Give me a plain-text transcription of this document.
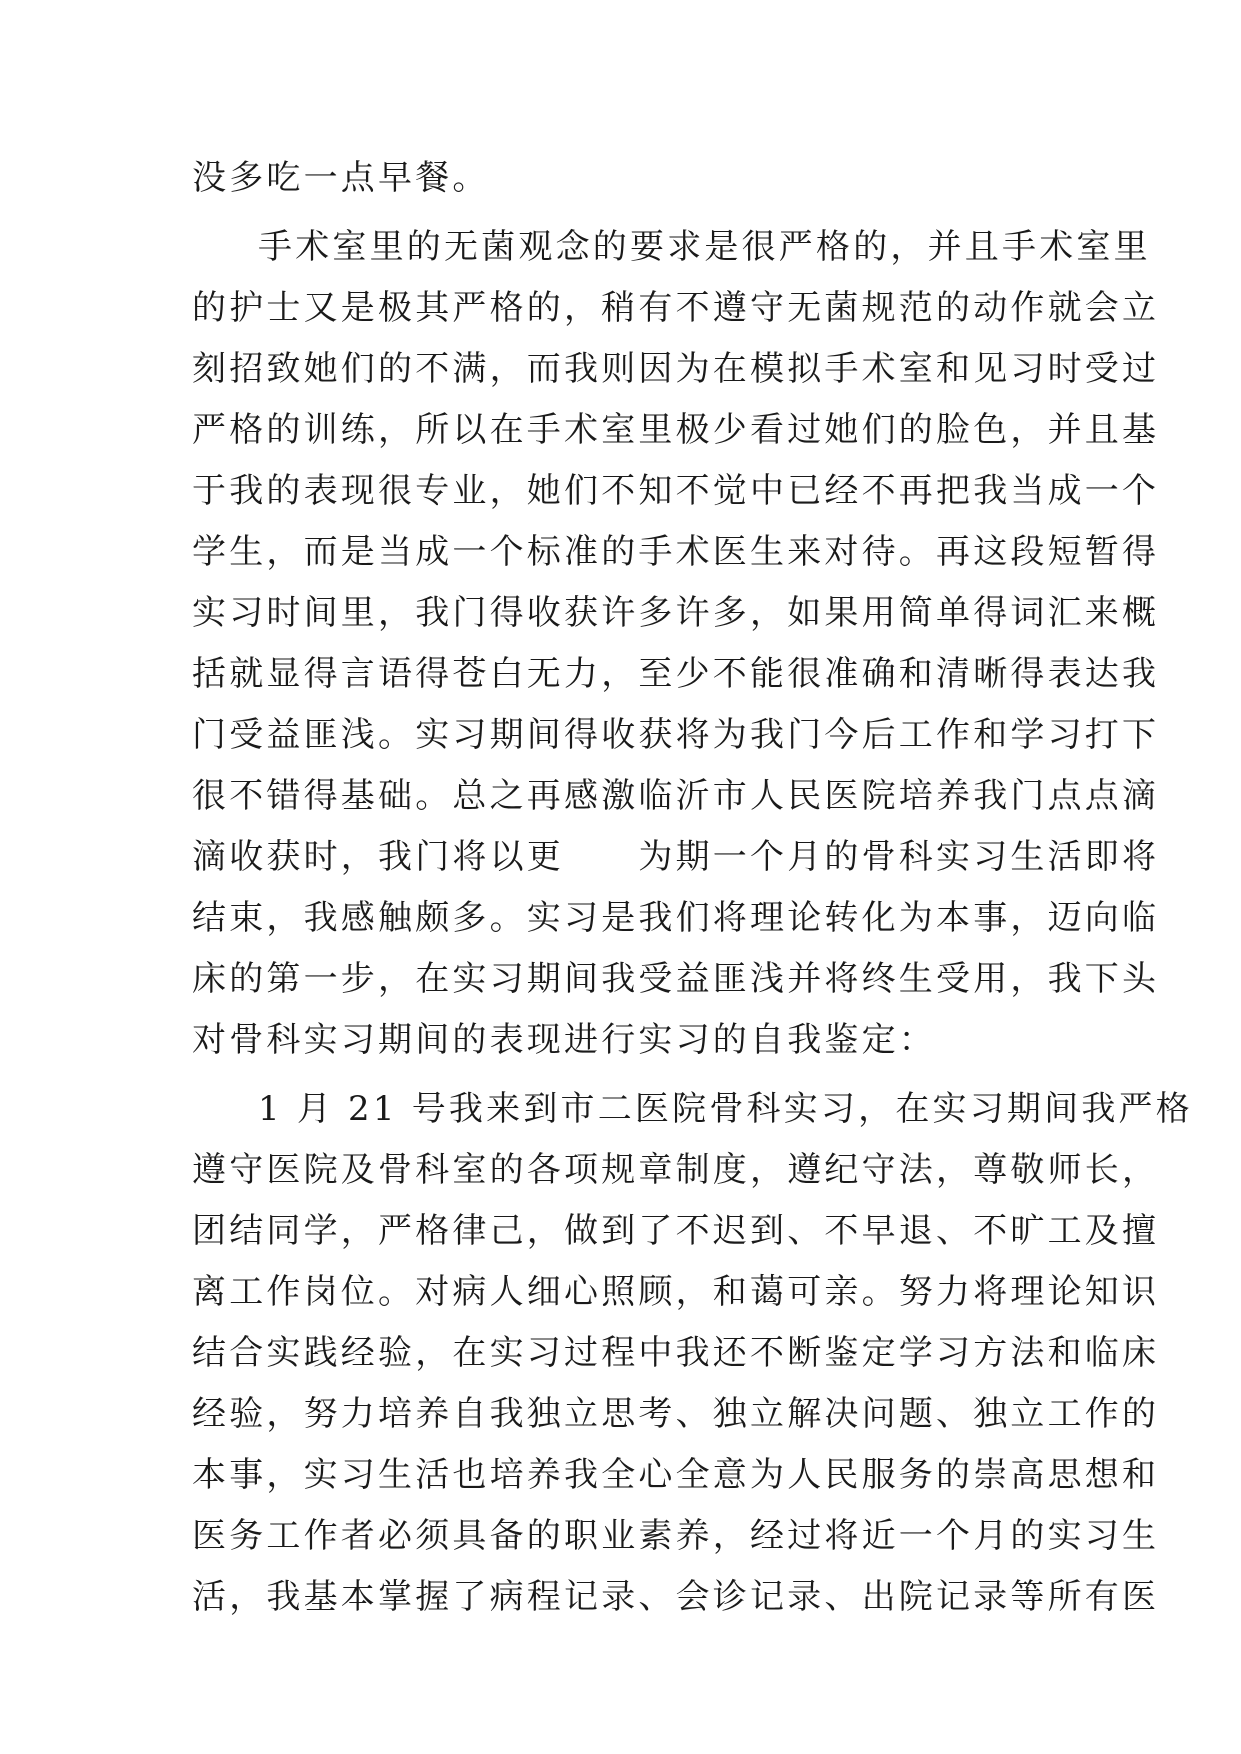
没多吃一点早餐。
手术室里的无菌观念的要求是很严格的，并且手术室里
的护士又是极其严格的，稍有不遵守无菌规范的动作就会立
刻招致她们的不满，而我则因为在模拟手术室和见习时受过
严格的训练，所以在手术室里极少看过她们的脸色，并且基
于我的表现很专业，她们不知不觉中已经不再把我当成一个
学生，而是当成一个标准的手术医生来对待。再这段短暂得
实习时间里，我门得收获许多许多，如果用简单得词汇来概
括就显得言语得苍白无力，至少不能很准确和清晰得表达我
门受益匪浅。实习期间得收获将为我门今后工作和学习打下
很不错得基础。总之再感激临沂市人民医院培养我门点点滴
滴收获时，我门将以更　　为期一个月的骨科实习生活即将
结束，我感触颇多。实习是我们将理论转化为本事，迈向临
床的第一步，在实习期间我受益匪浅并将终生受用，我下头
对骨科实习期间的表现进行实习的自我鉴定：
1 月 21 号我来到市二医院骨科实习，在实习期间我严格
遵守医院及骨科室的各项规章制度，遵纪守法，尊敬师长，
团结同学，严格律己，做到了不迟到、不早退、不旷工及擅
离工作岗位。对病人细心照顾，和蔼可亲。努力将理论知识
结合实践经验，在实习过程中我还不断鉴定学习方法和临床
经验，努力培养自我独立思考、独立解决问题、独立工作的
本事，实习生活也培养我全心全意为人民服务的崇高思想和
医务工作者必须具备的职业素养，经过将近一个月的实习生
活，我基本掌握了病程记录、会诊记录、出院记录等所有医
